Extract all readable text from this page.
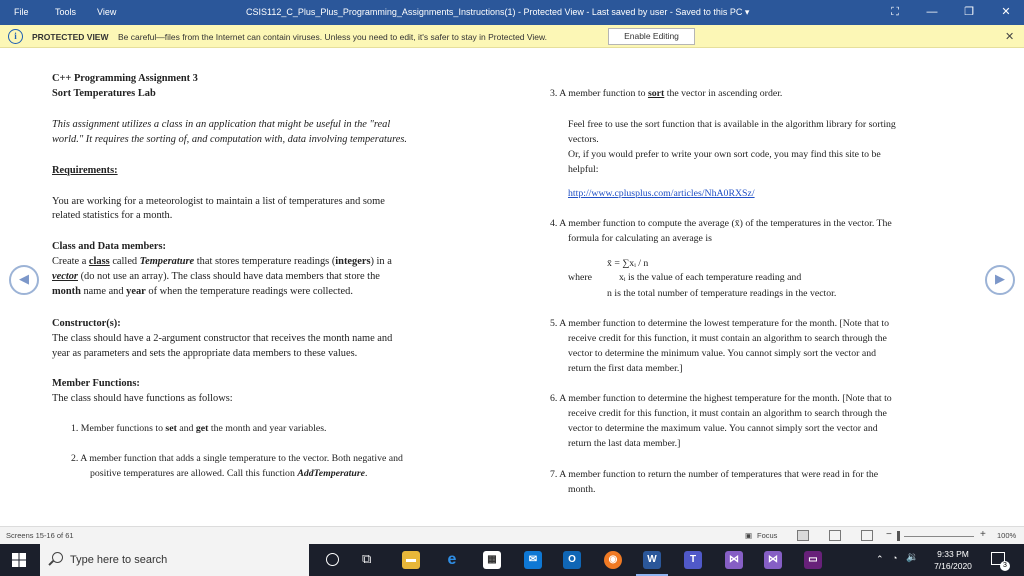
File	Tools View	CSIS112_C_Plus_Plus_Programming_Assignments_Instructions(1) - Protected View - Last saved by user - Saved to this PC ▾	⛶	— ❐	✕
i	PROTECTED VIEW Be careful—files from the Internet can contain viruses. Unless you need to edit, it's safer to stay in Protected View.	Enable Editing	✕
◀	▶
C++ Programming Assignment 3
Sort Temperatures Lab
This assignment utilizes a class in an application that might be useful in the "real
world." It requires the sorting of, and computation with, data involving temperatures.
Requirements:
You are working for a meteorologist to maintain a list of temperatures and some
related statistics for a month.
Class and Data members:
Create a class called Temperature that stores temperature readings (integers) in a
vector (do not use an array). The class should have data members that store the
month name and year of when the temperature readings were collected.
Constructor(s):
The class should have a 2-argument constructor that receives the month name and
year as parameters and sets the appropriate data members to these values.
Member Functions:
The class should have functions as follows:
1. Member functions to set and get the month and year variables.
2. A member function that adds a single temperature to the vector. Both negative and
positive temperatures are allowed. Call this function AddTemperature.
3. A member function to sort the vector in ascending order.
Feel free to use the sort function that is available in the algorithm library for sorting
vectors.
Or, if you would prefer to write your own sort code, you may find this site to be
helpful:
http://www.cplusplus.com/articles/NhA0RXSz/
4. A member function to compute the average (x̄) of the temperatures in the vector. The
formula for calculating an average is
x̄ = ∑xᵢ / n
where	xᵢ is the value of each temperature reading and
n is the total number of temperature readings in the vector.
5. A member function to determine the lowest temperature for the month. [Note that to
receive credit for this function, it must contain an algorithm to search through the
vector to determine the minimum value. You cannot simply sort the vector and
return the first data member.]
6. A member function to determine the highest temperature for the month. [Note that to
receive credit for this function, it must contain an algorithm to search through the
vector to determine the maximum value. You cannot simply sort the vector and
return the last data member.]
7. A member function to return the number of temperatures that were read in for the
month.
Screens 15-16 of 61	▣ Focus	−	+ 100%
Type here to search	⧉	▬ e	▦	✉	O	◉	W	T	⋈	⋈	▭	⌃ ◔ 🔉	9:33 PM
7/16/2020	3
